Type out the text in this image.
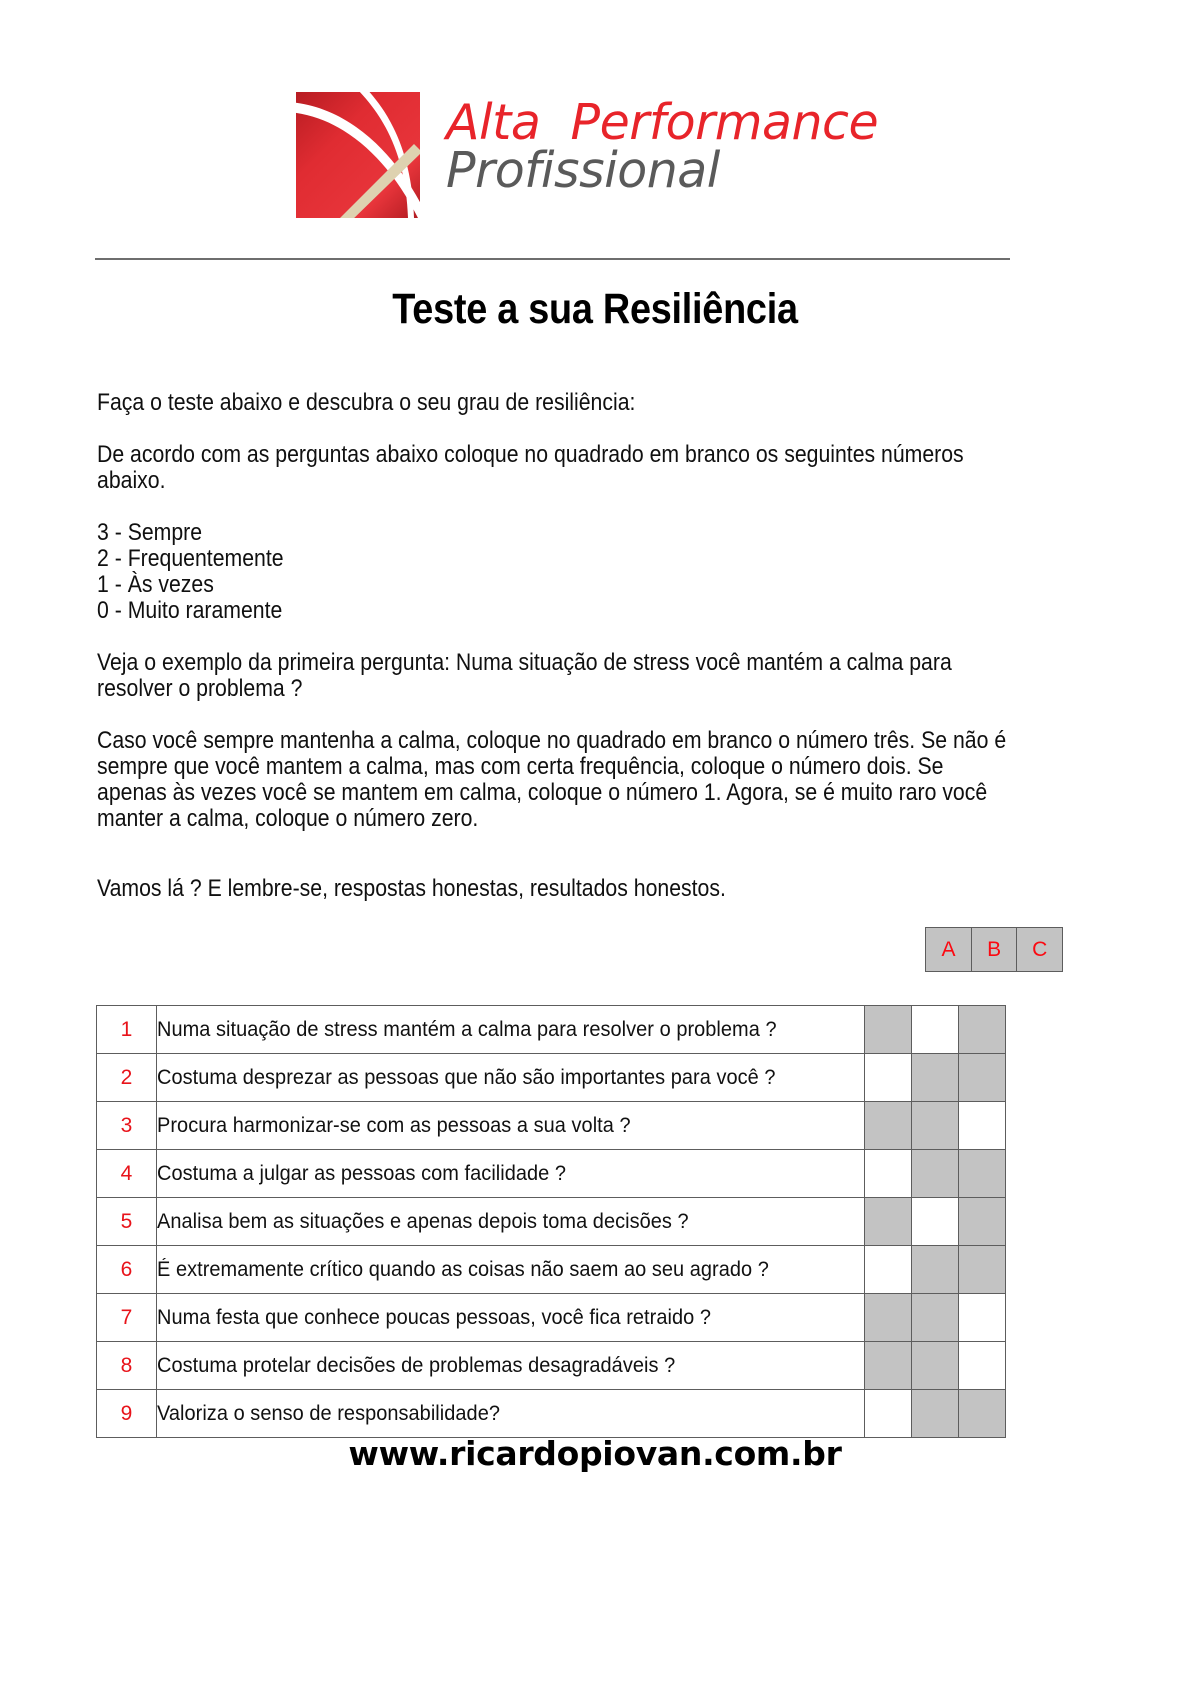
Alta  Performance
Profissional
Teste a sua Resiliência

Faça o teste abaixo e descubra o seu grau de resiliência:

De acordo com as perguntas abaixo coloque no quadrado em branco os seguintes números abaixo.

3 - Sempre
2 - Frequentemente
1 - Às vezes
0 - Muito raramente

Veja o exemplo da primeira pergunta: Numa situação de stress você mantém a calma para resolver o problema ?

Caso você sempre mantenha a calma, coloque no quadrado em branco o número três. Se não é sempre que você mantem a calma, mas com certa frequência, coloque o número dois. Se apenas às vezes você se mantem em calma, coloque o número 1. Agora, se é muito raro você manter a calma, coloque o número zero.

Vamos lá ? E lembre-se, respostas honestas, resultados honestos.

A	B	C
1	Numa situação de stress mantém a calma para resolver o problema ?			
2	Costuma desprezar as pessoas que não são importantes para você ?			
3	Procura harmonizar-se com as pessoas a sua volta ?			
4	Costuma a julgar as pessoas com facilidade ?			
5	Analisa bem as situações e apenas depois toma decisões ?			
6	É extremamente crítico quando as coisas não saem ao seu agrado ?			
7	Numa festa que conhece poucas pessoas, você fica retraido ?			
8	Costuma protelar decisões de problemas desagradáveis ?			
9	Valoriza o senso de responsabilidade?			
www.ricardopiovan.com.br
